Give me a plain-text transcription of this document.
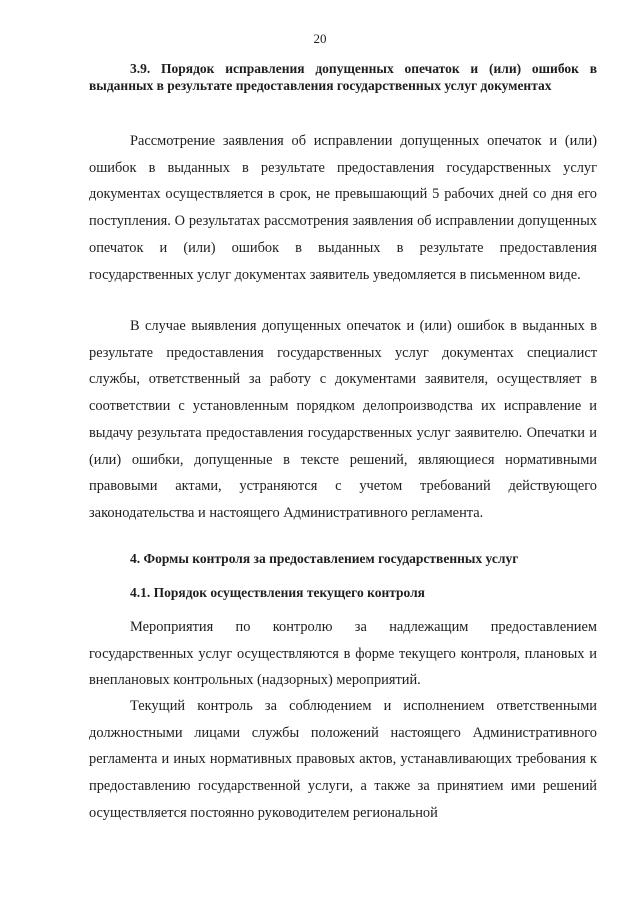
20
3.9. Порядок исправления допущенных опечаток и (или) ошибок в выданных в результате предоставления государственных услуг документах

Рассмотрение заявления об исправлении допущенных опечаток и (или) ошибок в выданных в результате предоставления государственных услуг документах осуществляется в срок, не превышающий 5 рабочих дней со дня его поступления. О результатах рассмотрения заявления об исправлении допущенных опечаток и (или) ошибок в выданных в результате предоставления государственных услуг документах заявитель уведомляется в письменном виде.

В случае выявления допущенных опечаток и (или) ошибок в выданных в результате предоставления государственных услуг документах специалист службы, ответственный за работу с документами заявителя, осуществляет в соответствии с установленным порядком делопроизводства их исправление и выдачу результата предоставления государственных услуг заявителю. Опечатки и (или) ошибки, допущенные в тексте решений, являющиеся нормативными правовыми актами, устраняются с учетом требований действующего законодательства и настоящего Административного регламента.

4. Формы контроля за предоставлением государственных услуг
4.1. Порядок осуществления текущего контроля

Мероприятия по контролю за надлежащим предоставлением государственных услуг осуществляются в форме текущего контроля, плановых и внеплановых контрольных (надзорных) мероприятий.

Текущий контроль за соблюдением и исполнением ответственными должностными лицами службы положений настоящего Административного регламента и иных нормативных правовых актов, устанавливающих требования к предоставлению государственной услуги, а также за принятием ими решений осуществляется постоянно руководителем региональной
